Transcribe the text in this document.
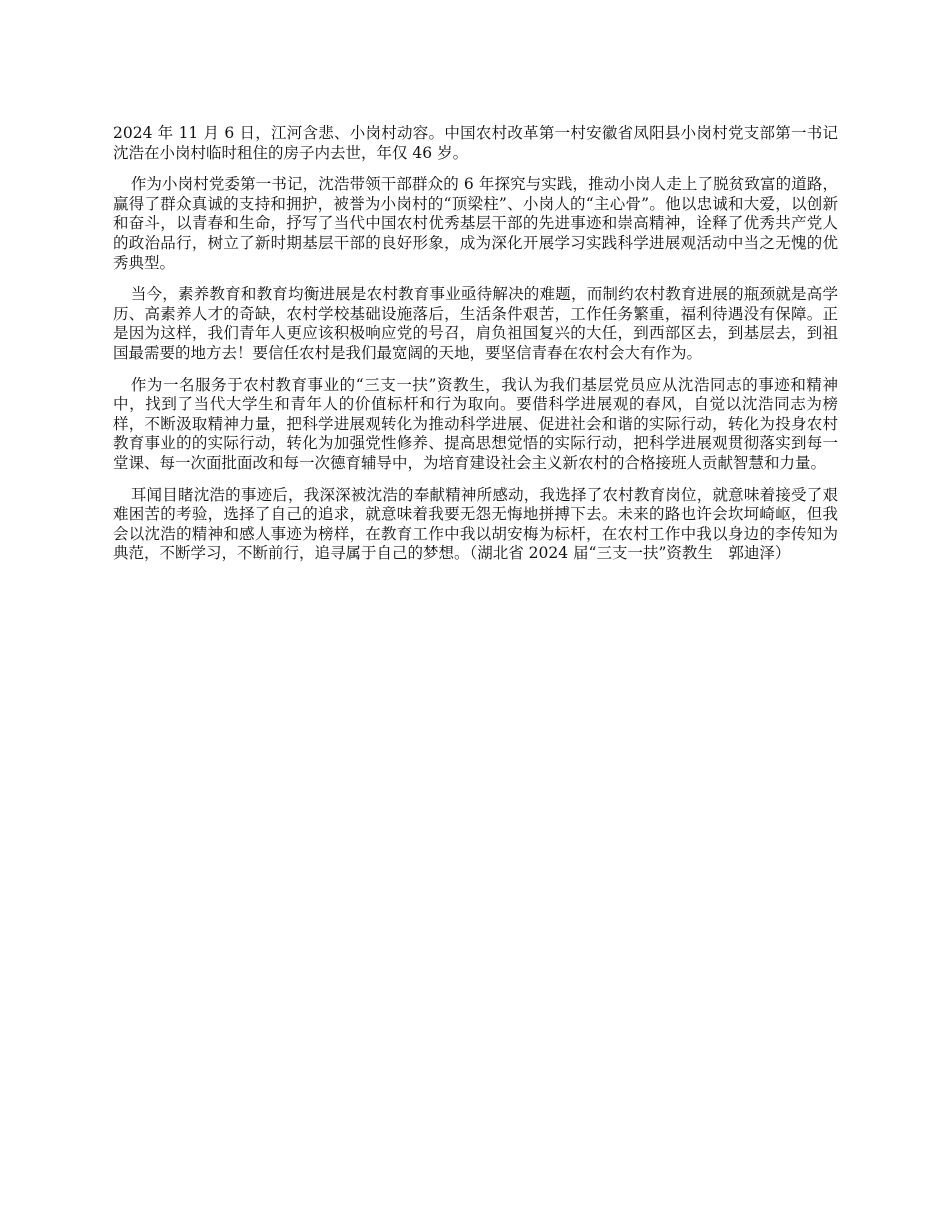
2024 年 11 月 6 日，江河含悲、小岗村动容。中国农村改革第一村安徽省凤阳县小岗村党支部第一书记沈浩在小岗村临时租住的房子内去世，年仅 46 岁。

作为小岗村党委第一书记，沈浩带领干部群众的 6 年探究与实践，推动小岗人走上了脱贫致富的道路，赢得了群众真诚的支持和拥护，被誉为小岗村的“顶梁柱”、小岗人的“主心骨”。他以忠诚和大爱，以创新和奋斗，以青春和生命，抒写了当代中国农村优秀基层干部的先进事迹和崇高精神，诠释了优秀共产党人的政治品行，树立了新时期基层干部的良好形象，成为深化开展学习实践科学进展观活动中当之无愧的优秀典型。

当今，素养教育和教育均衡进展是农村教育事业亟待解决的难题，而制约农村教育进展的瓶颈就是高学历、高素养人才的奇缺，农村学校基础设施落后，生活条件艰苦，工作任务繁重，福利待遇没有保障。正是因为这样，我们青年人更应该积极响应党的号召，肩负祖国复兴的大任，到西部区去，到基层去，到祖国最需要的地方去！要信任农村是我们最宽阔的天地，要坚信青春在农村会大有作为。

作为一名服务于农村教育事业的“三支一扶”资教生，我认为我们基层党员应从沈浩同志的事迹和精神中，找到了当代大学生和青年人的价值标杆和行为取向。要借科学进展观的春风，自觉以沈浩同志为榜样，不断汲取精神力量，把科学进展观转化为推动科学进展、促进社会和谐的实际行动，转化为投身农村教育事业的的实际行动，转化为加强党性修养、提高思想觉悟的实际行动，把科学进展观贯彻落实到每一堂课、每一次面批面改和每一次德育辅导中，为培育建设社会主义新农村的合格接班人贡献智慧和力量。

耳闻目睹沈浩的事迹后，我深深被沈浩的奉献精神所感动，我选择了农村教育岗位，就意味着接受了艰难困苦的考验，选择了自己的追求，就意味着我要无怨无悔地拼搏下去。未来的路也许会坎坷崎岖，但我会以沈浩的精神和感人事迹为榜样，在教育工作中我以胡安梅为标杆，在农村工作中我以身边的李传知为典范，不断学习，不断前行，追寻属于自己的梦想。（湖北省 2024 届“三支一扶”资教生　郭迪泽）
